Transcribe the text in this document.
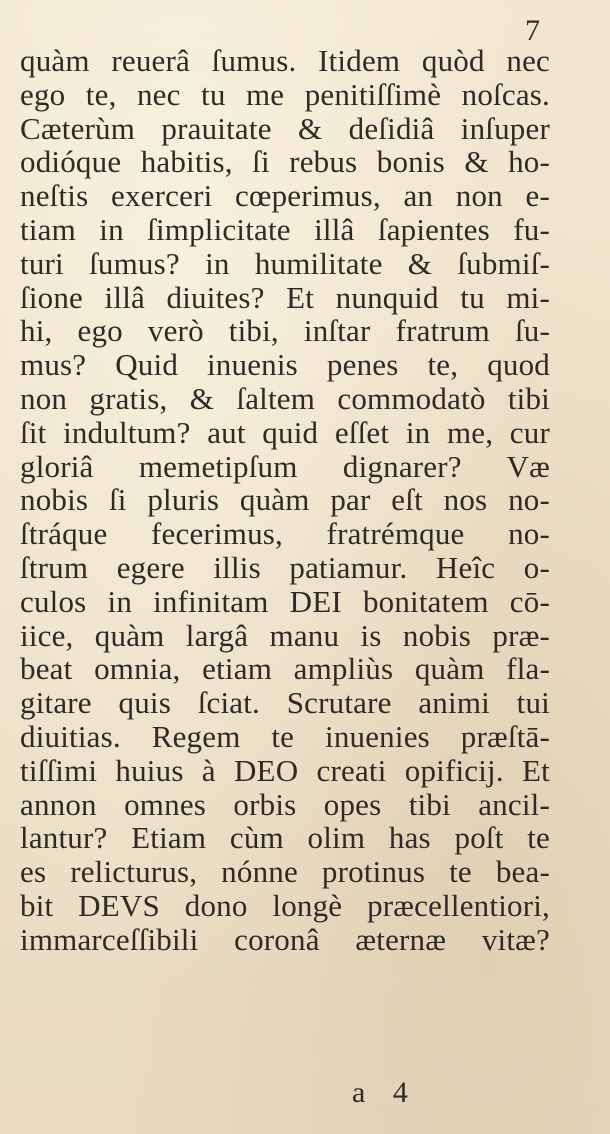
7
quàm reuerâ ſumus. Itidem quòd nec
ego te, nec tu me penitiſſimè noſcas.
Cæterùm prauitate & deſidiâ inſuper
odióque habitis, ſi rebus bonis & ho-
neſtis exerceri cœperimus, an non e-
tiam in ſimplicitate illâ ſapientes fu-
turi ſumus? in humilitate & ſubmiſ-
ſione illâ diuites? Et nunquid tu mi-
hi, ego verò tibi, inſtar fratrum ſu-
mus? Quid inuenis penes te, quod
non gratis, & ſaltem commodatò tibi
ſit indultum? aut quid eſſet in me, cur
gloriâ memetipſum dignarer? Væ
nobis ſi pluris quàm par eſt nos no-
ſtráque fecerimus, fratrémque no-
ſtrum egere illis patiamur. Heîc o-
culos in infinitam DEI bonitatem cō-
iice, quàm largâ manu is nobis præ-
beat omnia, etiam ampliùs quàm fla-
gitare quis ſciat. Scrutare animi tui
diuitias. Regem te inuenies præſtā-
tiſſimi huius à DEO creati opificij. Et
annon omnes orbis opes tibi ancil-
lantur? Etiam cùm olim has poſt te
es relicturus, nónne protinus te bea-
bit DEVS dono longè præcellentiori,
immarceſſibili coronâ æternæ vitæ?
a 4
